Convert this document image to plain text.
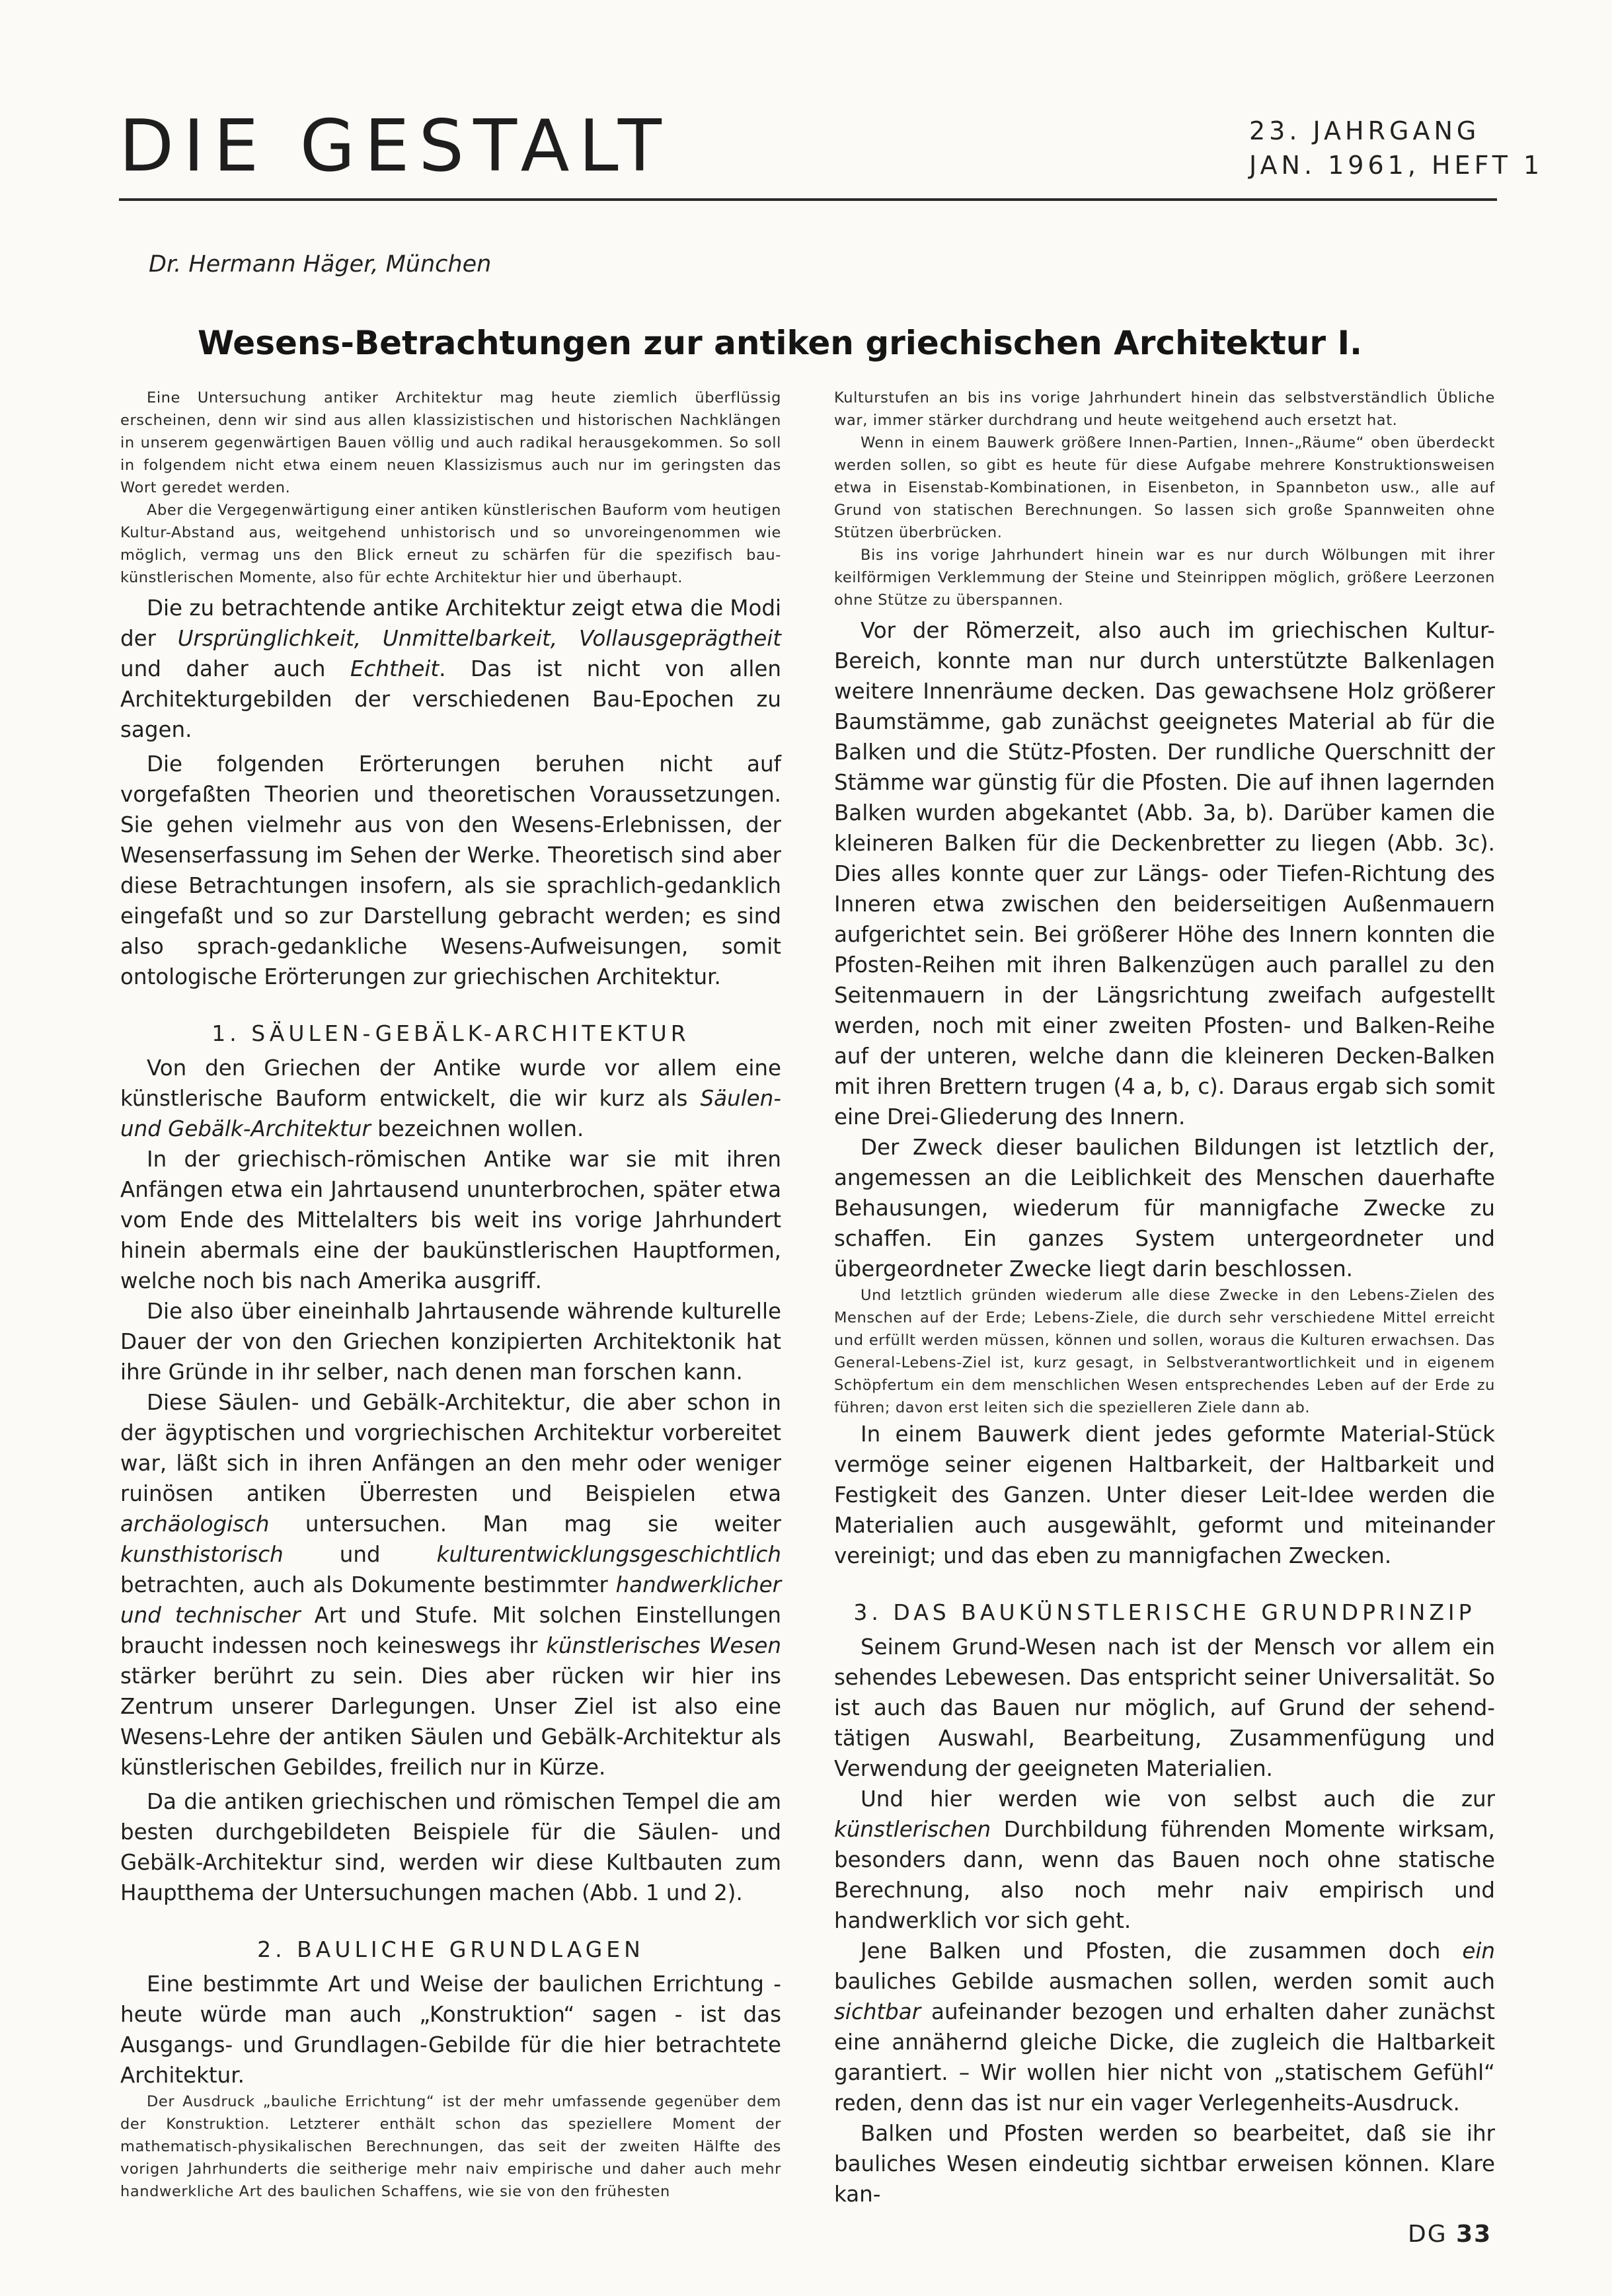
DIE GESTALT	23. JAHRGANG
JAN. 1961, HEFT 1
Dr. Hermann Häger, München
Wesens-Betrachtungen zur antiken griechischen Architektur I.

Eine Untersuchung antiker Architektur mag heute ziemlich überflüssig erscheinen, denn wir sind aus allen klassizistischen und historischen Nachklängen in unserem gegenwärtigen Bauen völlig und auch radikal herausgekommen. So soll in folgendem nicht etwa einem neuen Klassizismus auch nur im geringsten das Wort geredet werden.

Aber die Vergegenwärtigung einer antiken künstlerischen Bauform vom heutigen Kultur-Abstand aus, weitgehend unhistorisch und so unvoreingenommen wie möglich, vermag uns den Blick erneut zu schärfen für die spezifisch bau-künstlerischen Momente, also für echte Architektur hier und überhaupt.

Die zu betrachtende antike Architektur zeigt etwa die Modi der Ursprünglichkeit, Unmittelbarkeit, Vollausgeprägtheit und daher auch Echtheit. Das ist nicht von allen Architekturgebilden der verschiedenen Bau-Epochen zu sagen.

Die folgenden Erörterungen beruhen nicht auf vorgefaßten Theorien und theoretischen Voraussetzungen. Sie gehen vielmehr aus von den Wesens-Erlebnissen, der Wesenserfassung im Sehen der Werke. Theoretisch sind aber diese Betrachtungen insofern, als sie sprachlich-gedanklich eingefaßt und so zur Darstellung gebracht werden; es sind also sprach-gedankliche Wesens-Aufweisungen, somit ontologische Erörterungen zur griechischen Architektur.

1. SÄULEN-GEBÄLK-ARCHITEKTUR

Von den Griechen der Antike wurde vor allem eine künstlerische Bauform entwickelt, die wir kurz als Säulen- und Gebälk-Architektur bezeichnen wollen.

In der griechisch-römischen Antike war sie mit ihren Anfängen etwa ein Jahrtausend ununterbrochen, später etwa vom Ende des Mittelalters bis weit ins vorige Jahrhundert hinein abermals eine der baukünstlerischen Hauptformen, welche noch bis nach Amerika ausgriff.

Die also über eineinhalb Jahrtausende währende kulturelle Dauer der von den Griechen konzipierten Architektonik hat ihre Gründe in ihr selber, nach denen man forschen kann.

Diese Säulen- und Gebälk-Architektur, die aber schon in der ägyptischen und vorgriechischen Architektur vorbereitet war, läßt sich in ihren Anfängen an den mehr oder weniger ruinösen antiken Überresten und Beispielen etwa archäologisch untersuchen. Man mag sie weiter kunsthistorisch und kulturentwicklungsgeschichtlich betrachten, auch als Dokumente bestimmter handwerklicher und technischer Art und Stufe. Mit solchen Einstellungen braucht indessen noch keineswegs ihr künstlerisches Wesen stärker berührt zu sein. Dies aber rücken wir hier ins Zentrum unserer Darlegungen. Unser Ziel ist also eine Wesens-Lehre der antiken Säulen und Gebälk-Architektur als künstlerischen Gebildes, freilich nur in Kürze.

Da die antiken griechischen und römischen Tempel die am besten durchgebildeten Beispiele für die Säulen- und Gebälk-Architektur sind, werden wir diese Kultbauten zum Hauptthema der Untersuchungen machen (Abb. 1 und 2).

2. BAULICHE GRUNDLAGEN

Eine bestimmte Art und Weise der baulichen Errichtung - heute würde man auch „Konstruktion“ sagen - ist das Ausgangs- und Grundlagen-Gebilde für die hier betrachtete Architektur.

Der Ausdruck „bauliche Errichtung“ ist der mehr umfassende gegenüber dem der Konstruktion. Letzterer enthält schon das speziellere Moment der mathematisch-physikalischen Berechnungen, das seit der zweiten Hälfte des vorigen Jahrhunderts die seitherige mehr naiv empirische und daher auch mehr handwerkliche Art des baulichen Schaffens, wie sie von den frühesten

Kulturstufen an bis ins vorige Jahrhundert hinein das selbstverständlich Übliche war, immer stärker durchdrang und heute weitgehend auch ersetzt hat.

Wenn in einem Bauwerk größere Innen-Partien, Innen-„Räume“ oben überdeckt werden sollen, so gibt es heute für diese Aufgabe mehrere Konstruktionsweisen etwa in Eisenstab-Kombinationen, in Eisenbeton, in Spannbeton usw., alle auf Grund von statischen Berechnungen. So lassen sich große Spannweiten ohne Stützen überbrücken.

Bis ins vorige Jahrhundert hinein war es nur durch Wölbungen mit ihrer keilförmigen Verklemmung der Steine und Steinrippen möglich, größere Leerzonen ohne Stütze zu überspannen.

Vor der Römerzeit, also auch im griechischen Kultur-Bereich, konnte man nur durch unterstützte Balkenlagen weitere Innenräume decken. Das gewachsene Holz größerer Baumstämme, gab zunächst geeignetes Material ab für die Balken und die Stütz-Pfosten. Der rundliche Querschnitt der Stämme war günstig für die Pfosten. Die auf ihnen lagernden Balken wurden abgekantet (Abb. 3a, b). Darüber kamen die kleineren Balken für die Deckenbretter zu liegen (Abb. 3c). Dies alles konnte quer zur Längs- oder Tiefen-Richtung des Inneren etwa zwischen den beiderseitigen Außenmauern aufgerichtet sein. Bei größerer Höhe des Innern konnten die Pfosten-Reihen mit ihren Balkenzügen auch parallel zu den Seitenmauern in der Längsrichtung zweifach aufgestellt werden, noch mit einer zweiten Pfosten- und Balken-Reihe auf der unteren, welche dann die kleineren Decken-Balken mit ihren Brettern trugen (4 a, b, c). Daraus ergab sich somit eine Drei-Gliederung des Innern.

Der Zweck dieser baulichen Bildungen ist letztlich der, angemessen an die Leiblichkeit des Menschen dauerhafte Behausungen, wiederum für mannigfache Zwecke zu schaffen. Ein ganzes System untergeordneter und übergeordneter Zwecke liegt darin beschlossen.

Und letztlich gründen wiederum alle diese Zwecke in den Lebens-Zielen des Menschen auf der Erde; Lebens-Ziele, die durch sehr verschiedene Mittel erreicht und erfüllt werden müssen, können und sollen, woraus die Kulturen erwachsen. Das General-Lebens-Ziel ist, kurz gesagt, in Selbstverantwortlichkeit und in eigenem Schöpfertum ein dem menschlichen Wesen entsprechendes Leben auf der Erde zu führen; davon erst leiten sich die spezielleren Ziele dann ab.

In einem Bauwerk dient jedes geformte Material-Stück vermöge seiner eigenen Haltbarkeit, der Haltbarkeit und Festigkeit des Ganzen. Unter dieser Leit-Idee werden die Materialien auch ausgewählt, geformt und miteinander vereinigt; und das eben zu mannigfachen Zwecken.

3. DAS BAUKÜNSTLERISCHE GRUNDPRINZIP

Seinem Grund-Wesen nach ist der Mensch vor allem ein sehendes Lebewesen. Das entspricht seiner Universalität. So ist auch das Bauen nur möglich, auf Grund der sehend-tätigen Auswahl, Bearbeitung, Zusammenfügung und Verwendung der geeigneten Materialien.

Und hier werden wie von selbst auch die zur künstlerischen Durchbildung führenden Momente wirksam, besonders dann, wenn das Bauen noch ohne statische Berechnung, also noch mehr naiv empirisch und handwerklich vor sich geht.

Jene Balken und Pfosten, die zusammen doch ein bauliches Gebilde ausmachen sollen, werden somit auch sichtbar aufeinander bezogen und erhalten daher zunächst eine annähernd gleiche Dicke, die zugleich die Haltbarkeit garantiert. – Wir wollen hier nicht von „statischem Gefühl“ reden, denn das ist nur ein vager Verlegenheits-Ausdruck.

Balken und Pfosten werden so bearbeitet, daß sie ihr bauliches Wesen eindeutig sichtbar erweisen können. Klare kan-

DG 33
